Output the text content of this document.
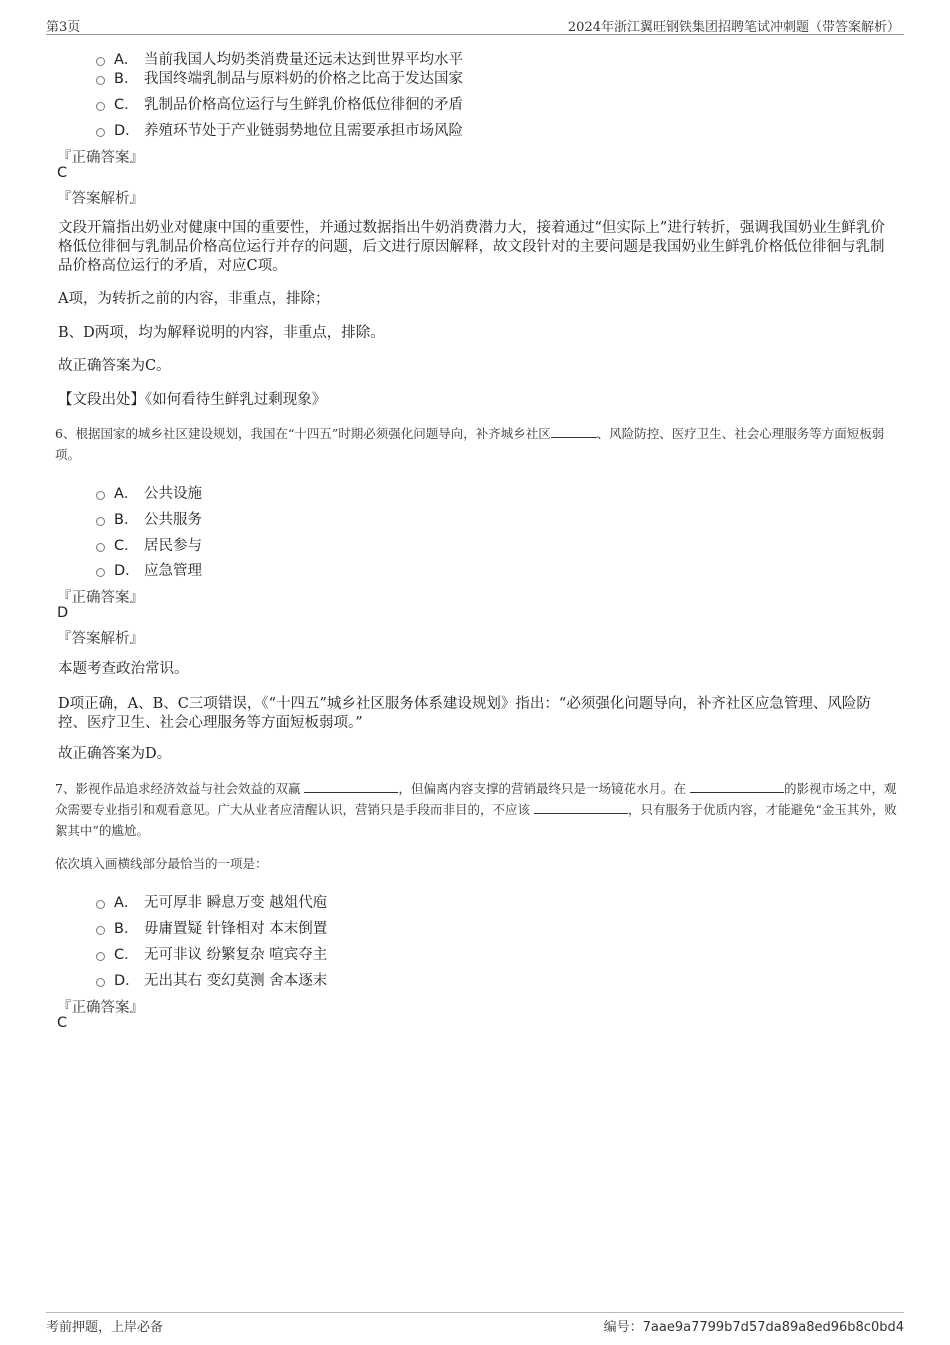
第3页	2024年浙江翼旺钢铁集团招聘笔试冲刺题（带答案解析）
A． 当前我国人均奶类消费量还远未达到世界平均水平
B． 我国终端乳制品与原料奶的价格之比高于发达国家
C． 乳制品价格高位运行与生鲜乳价格低位徘徊的矛盾
D． 养殖环节处于产业链弱势地位且需要承担市场风险
『正确答案』
C
『答案解析』
文段开篇指出奶业对健康中国的重要性，并通过数据指出牛奶消费潜力大，接着通过“但实际上”进行转折，强调我国奶业生鲜乳价格低位徘徊与乳制品价格高位运行并存的问题，后文进行原因解释，故文段针对的主要问题是我国奶业生鲜乳价格低位徘徊与乳制品价格高位运行的矛盾，对应C项。
A项，为转折之前的内容，非重点，排除；
B、D两项，均为解释说明的内容，非重点，排除。
故正确答案为C。
【文段出处】《如何看待生鲜乳过剩现象》
6、根据国家的城乡社区建设规划，我国在“十四五”时期必须强化问题导向，补齐城乡社区	、风险防控、医疗卫生、社会心理服务等方面短板弱项。
A． 公共设施
B． 公共服务
C． 居民参与
D． 应急管理
『正确答案』
D
『答案解析』
本题考查政治常识。
D项正确，A、B、C三项错误，《“十四五”城乡社区服务体系建设规划》指出：“必须强化问题导向，补齐社区应急管理、风险防控、医疗卫生、社会心理服务等方面短板弱项。”
故正确答案为D。
7、影视作品追求经济效益与社会效益的双赢	，但偏离内容支撑的营销最终只是一场镜花水月。在	的影视市场之中，观众需要专业指引和观看意见。广大从业者应清醒认识，营销只是手段而非目的，不应该	，只有服务于优质内容，才能避免“金玉其外，败絮其中”的尴尬。
依次填入画横线部分最恰当的一项是：
A． 无可厚非 瞬息万变 越俎代庖
B． 毋庸置疑 针锋相对 本末倒置
C． 无可非议 纷繁复杂 喧宾夺主
D． 无出其右 变幻莫测 舍本逐末
『正确答案』
C
考前押题，上岸必备	编号：7aae9a7799b7d57da89a8ed96b8c0bd4
